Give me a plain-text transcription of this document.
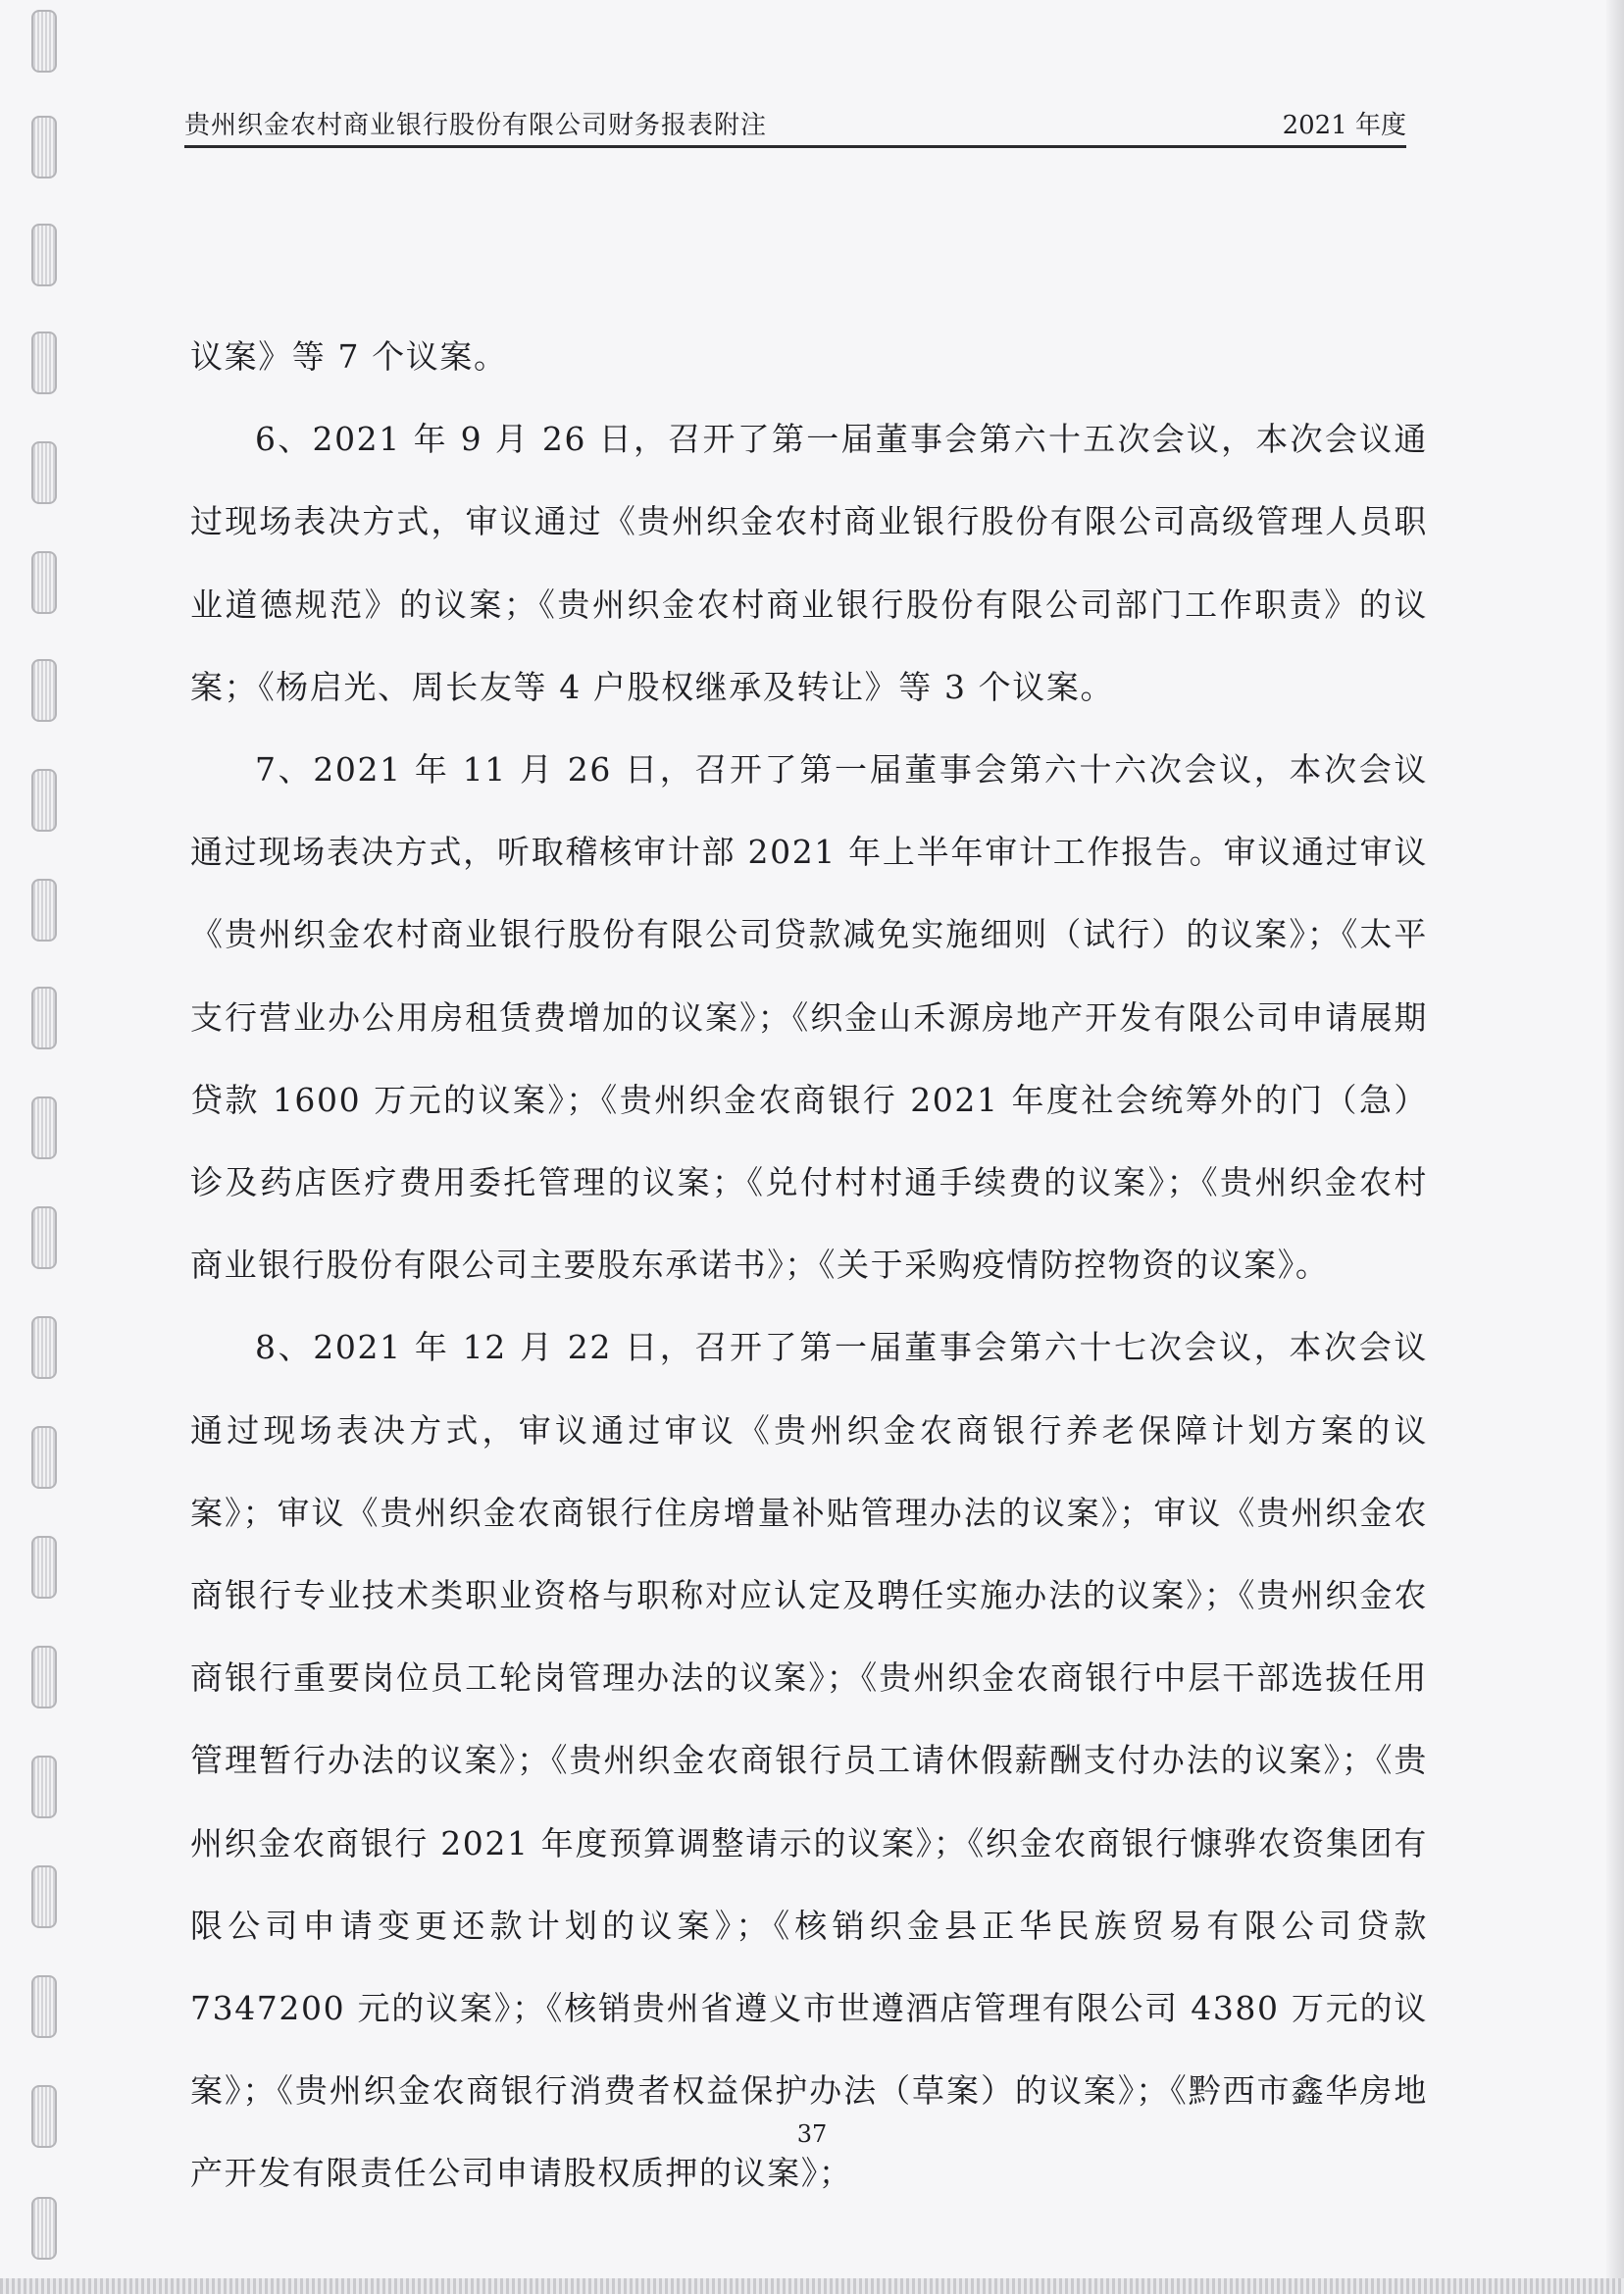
贵州织金农村商业银行股份有限公司财务报表附注	2021 年度

议案》等 7 个议案。

6、2021 年 9 月 26 日，召开了第一届董事会第六十五次会议，本次会议通过现场表决方式，审议通过《贵州织金农村商业银行股份有限公司高级管理人员职业道德规范》的议案；《贵州织金农村商业银行股份有限公司部门工作职责》的议案；《杨启光、周长友等 4 户股权继承及转让》等 3 个议案。

7、2021 年 11 月 26 日，召开了第一届董事会第六十六次会议，本次会议通过现场表决方式，听取稽核审计部 2021 年上半年审计工作报告。审议通过审议《贵州织金农村商业银行股份有限公司贷款减免实施细则（试行）的议案》；《太平支行营业办公用房租赁费增加的议案》；《织金山禾源房地产开发有限公司申请展期贷款 1600 万元的议案》；《贵州织金农商银行 2021 年度社会统筹外的门（急）诊及药店医疗费用委托管理的议案；《兑付村村通手续费的议案》；《贵州织金农村商业银行股份有限公司主要股东承诺书》；《关于采购疫情防控物资的议案》。

8、2021 年 12 月 22 日，召开了第一届董事会第六十七次会议，本次会议通过现场表决方式，审议通过审议《贵州织金农商银行养老保障计划方案的议案》；审议《贵州织金农商银行住房增量补贴管理办法的议案》；审议《贵州织金农商银行专业技术类职业资格与职称对应认定及聘任实施办法的议案》；《贵州织金农商银行重要岗位员工轮岗管理办法的议案》；《贵州织金农商银行中层干部选拔任用管理暂行办法的议案》；《贵州织金农商银行员工请休假薪酬支付办法的议案》；《贵州织金农商银行 2021 年度预算调整请示的议案》；《织金农商银行慷骅农资集团有限公司申请变更还款计划的议案》；《核销织金县正华民族贸易有限公司贷款 7347200 元的议案》；《核销贵州省遵义市世遵酒店管理有限公司 4380 万元的议案》；《贵州织金农商银行消费者权益保护办法（草案）的议案》；《黔西市鑫华房地产开发有限责任公司申请股权质押的议案》；

37
